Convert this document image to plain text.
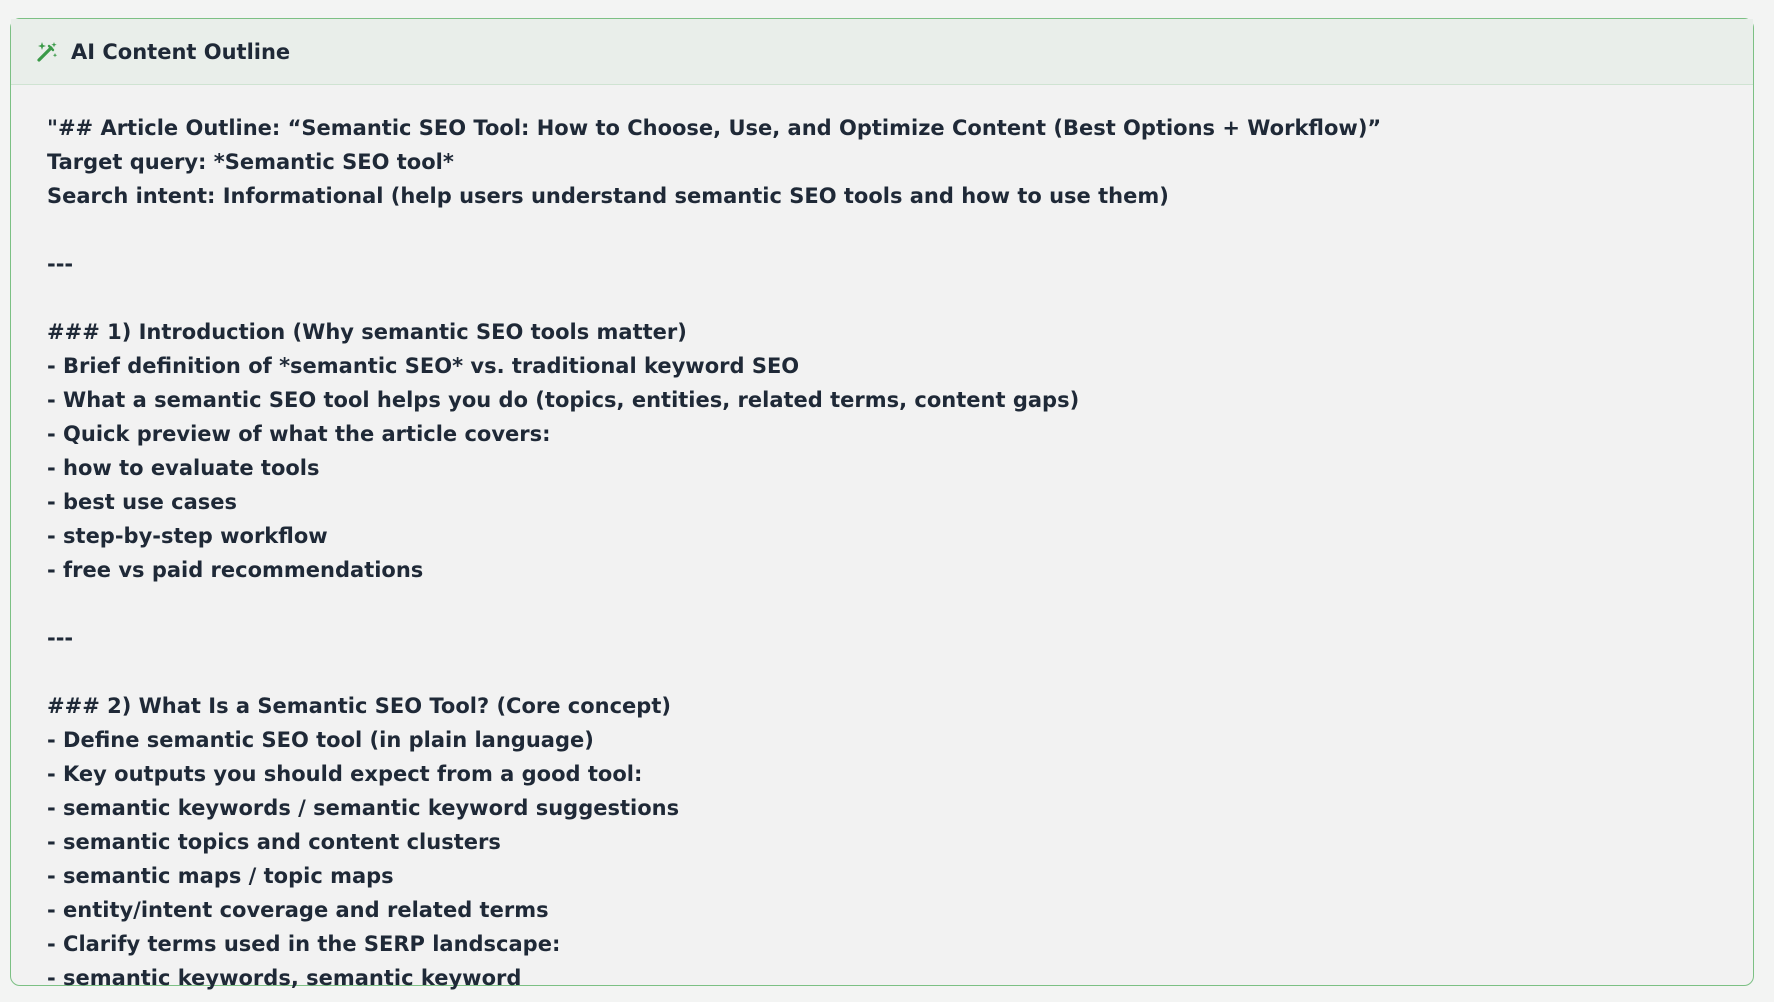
AI Content Outline
"## Article Outline: “Semantic SEO Tool: How to Choose, Use, and Optimize Content (Best Options + Workflow)”
Target query: *Semantic SEO tool*
Search intent: Informational (help users understand semantic SEO tools and how to use them)
---
### 1) Introduction (Why semantic SEO tools matter)
- Brief definition of *semantic SEO* vs. traditional keyword SEO
- What a semantic SEO tool helps you do (topics, entities, related terms, content gaps)
- Quick preview of what the article covers:
- how to evaluate tools
- best use cases
- step-by-step workflow
- free vs paid recommendations
---
### 2) What Is a Semantic SEO Tool? (Core concept)
- Define semantic SEO tool (in plain language)
- Key outputs you should expect from a good tool:
- semantic keywords / semantic keyword suggestions
- semantic topics and content clusters
- semantic maps / topic maps
- entity/intent coverage and related terms
- Clarify terms used in the SERP landscape:
- semantic keywords, semantic keyword
